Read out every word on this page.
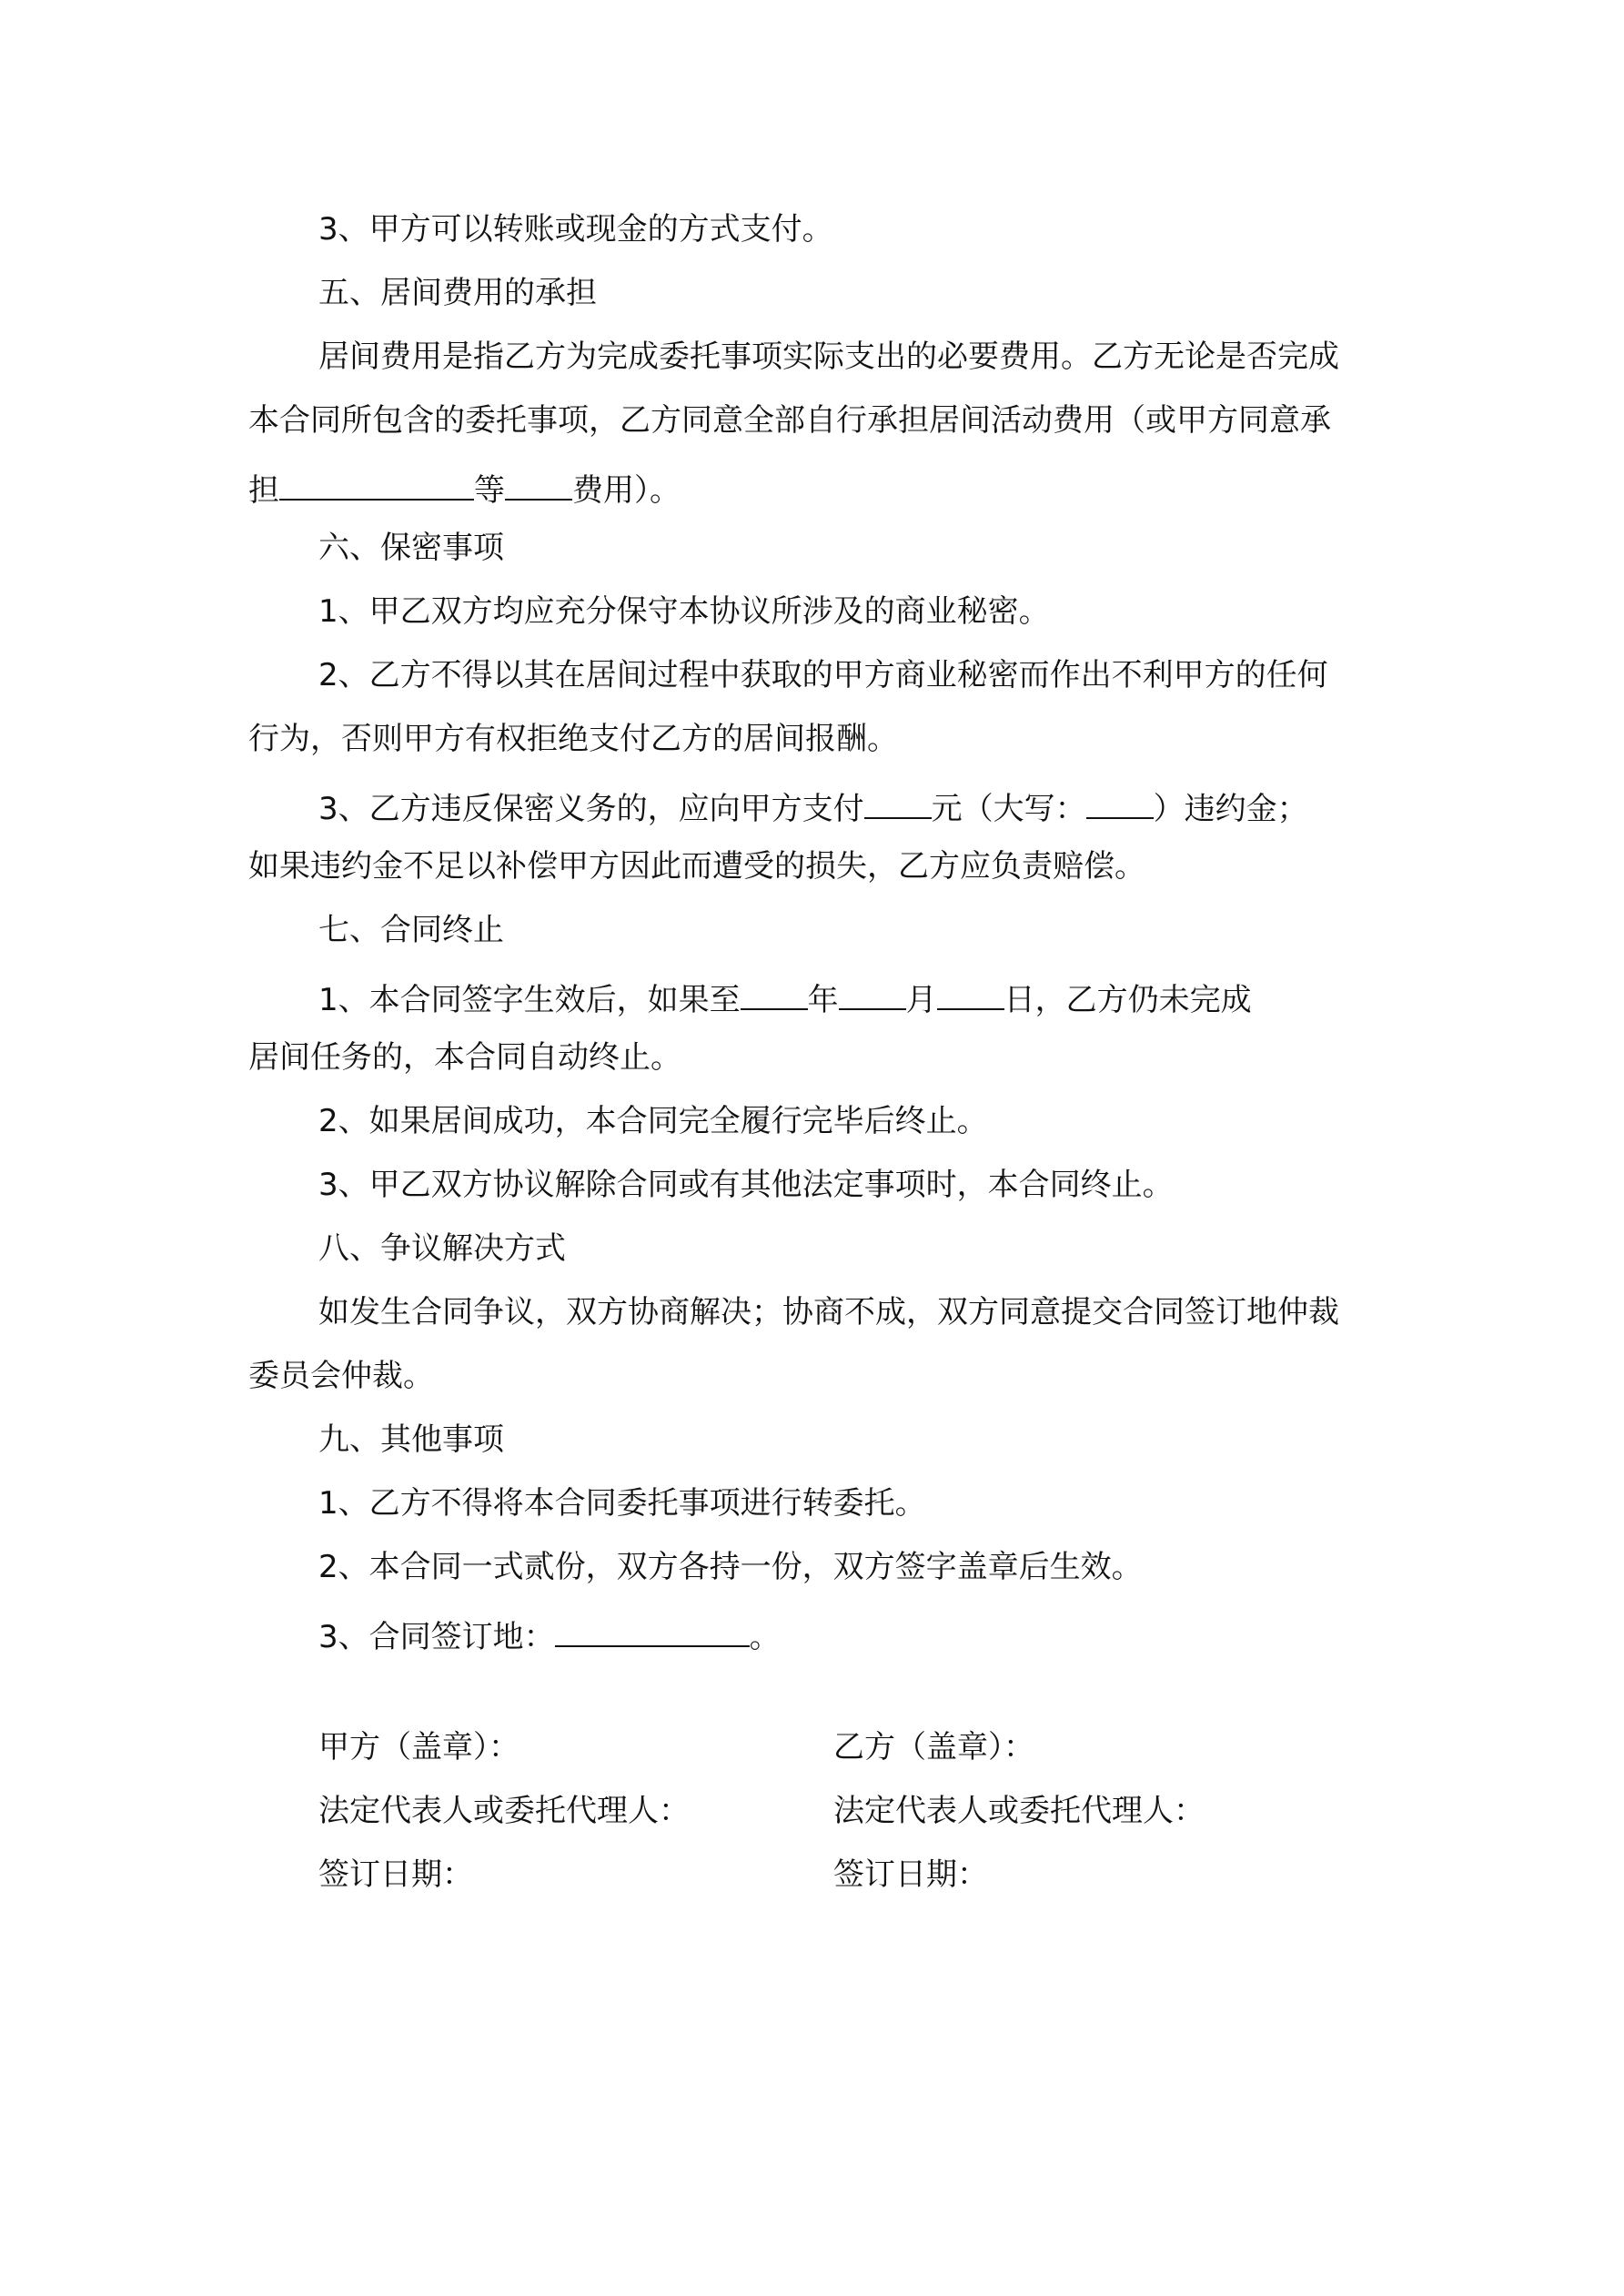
3、甲方可以转账或现金的方式支付。

五、居间费用的承担

居间费用是指乙方为完成委托事项实际支出的必要费用。乙方无论是否完成

本合同所包含的委托事项，乙方同意全部自行承担居间活动费用（或甲方同意承

担	等 费用）。

六、保密事项

1、甲乙双方均应充分保守本协议所涉及的商业秘密。

2、乙方不得以其在居间过程中获取的甲方商业秘密而作出不利甲方的任何

行为，否则甲方有权拒绝支付乙方的居间报酬。

3、乙方违反保密义务的，应向甲方支付 元（大写： ）违约金；

如果违约金不足以补偿甲方因此而遭受的损失，乙方应负责赔偿。

七、合同终止

1、本合同签字生效后，如果至 年 月 日，乙方仍未完成

居间任务的，本合同自动终止。

2、如果居间成功，本合同完全履行完毕后终止。

3、甲乙双方协议解除合同或有其他法定事项时，本合同终止。

八、争议解决方式

如发生合同争议，双方协商解决；协商不成，双方同意提交合同签订地仲裁

委员会仲裁。

九、其他事项

1、乙方不得将本合同委托事项进行转委托。

2、本合同一式贰份，双方各持一份，双方签字盖章后生效。

3、合同签订地：	。

甲方（盖章）：	乙方（盖章）：
法定代表人或委托代理人：	法定代表人或委托代理人：
签订日期：	签订日期：
